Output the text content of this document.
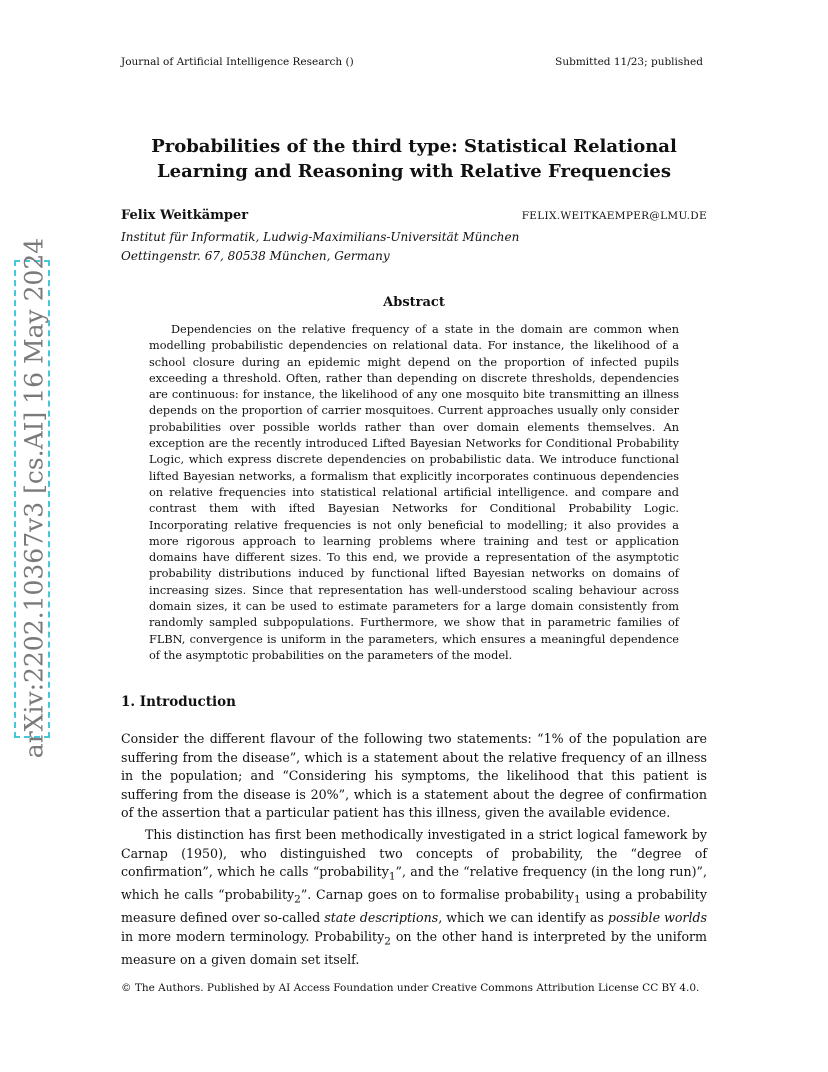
Journal of Artificial Intelligence Research ()	Submitted 11/23; published
arXiv:2202.10367v3 [cs.AI] 16 May 2024
Probabilities of the third type: Statistical Relational Learning and Reasoning with Relative Frequencies
Felix Weitkämper	FELIX.WEITKAEMPER@LMU.DE
Institut für Informatik, Ludwig-Maximilians-Universität München
Oettingenstr. 67, 80538 München, Germany
Abstract

Dependencies on the relative frequency of a state in the domain are common when modelling probabilistic dependencies on relational data. For instance, the likelihood of a school closure during an epidemic might depend on the proportion of infected pupils exceeding a threshold. Often, rather than depending on discrete thresholds, dependencies are continuous: for instance, the likelihood of any one mosquito bite transmitting an illness depends on the proportion of carrier mosquitoes. Current approaches usually only consider probabilities over possible worlds rather than over domain elements themselves. An exception are the recently introduced Lifted Bayesian Networks for Conditional Probability Logic, which express discrete dependencies on probabilistic data. We introduce functional lifted Bayesian networks, a formalism that explicitly incorporates continuous dependencies on relative frequencies into statistical relational artificial intelligence. and compare and contrast them with ifted Bayesian Networks for Conditional Probability Logic. Incorporating relative frequencies is not only beneficial to modelling; it also provides a more rigorous approach to learning problems where training and test or application domains have different sizes. To this end, we provide a representation of the asymptotic probability distributions induced by functional lifted Bayesian networks on domains of increasing sizes. Since that representation has well-understood scaling behaviour across domain sizes, it can be used to estimate parameters for a large domain consistently from randomly sampled subpopulations. Furthermore, we show that in parametric families of FLBN, convergence is uniform in the parameters, which ensures a meaningful dependence of the asymptotic probabilities on the parameters of the model.

1. Introduction

Consider the different flavour of the following two statements: “1% of the population are suffering from the disease”, which is a statement about the relative frequency of an illness in the population; and “Considering his symptoms, the likelihood that this patient is suffering from the disease is 20%”, which is a statement about the degree of confirmation of the assertion that a particular patient has this illness, given the available evidence.

This distinction has first been methodically investigated in a strict logical famework by Carnap (1950), who distinguished two concepts of probability, the “degree of confirmation”, which he calls “probability$_1$”, and the “relative frequency (in the long run)”, which he calls “probability$_2$”. Carnap goes on to formalise probability$_1$ using a probability measure defined over so-called state descriptions, which we can identify as possible worlds in more modern terminology. Probability$_2$ on the other hand is interpreted by the uniform measure on a given domain set itself.

© The Authors. Published by AI Access Foundation under Creative Commons Attribution License CC BY 4.0.
